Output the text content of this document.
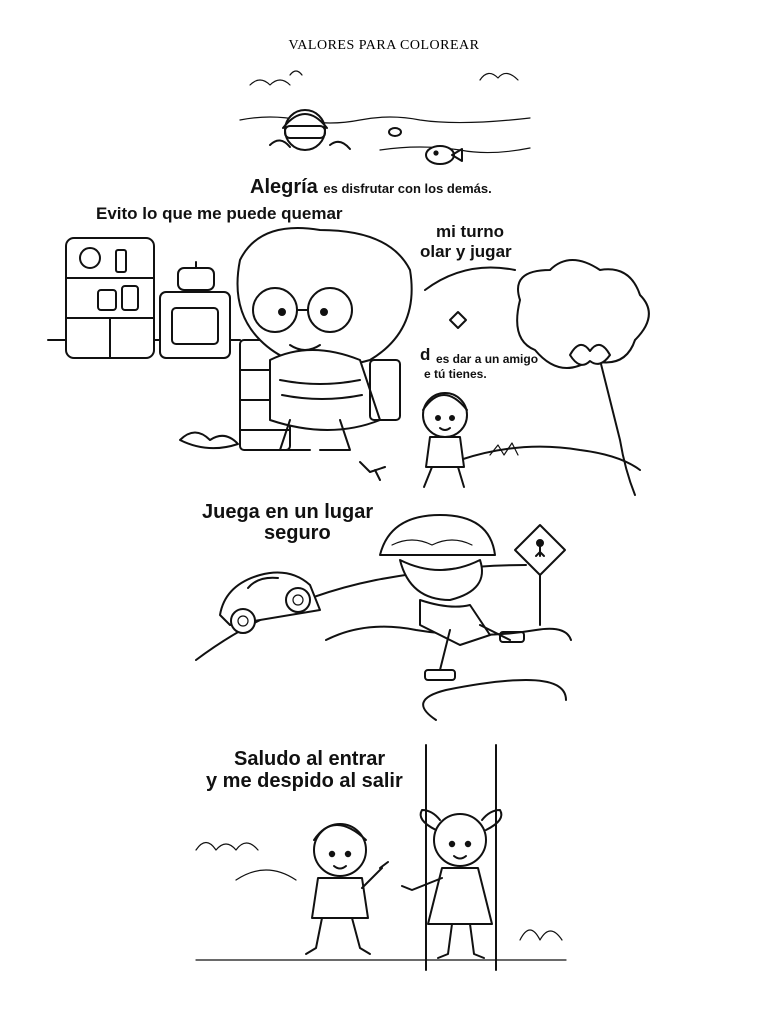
VALORES PARA COLOREAR
Alegría es disfrutar con los demás.
Evito lo que me puede quemar
mi turno
olar y jugar
d es dar a un amigo
e tú tienes.
Juega en un lugar
seguro
Saludo al entrar
y me despido al salir
